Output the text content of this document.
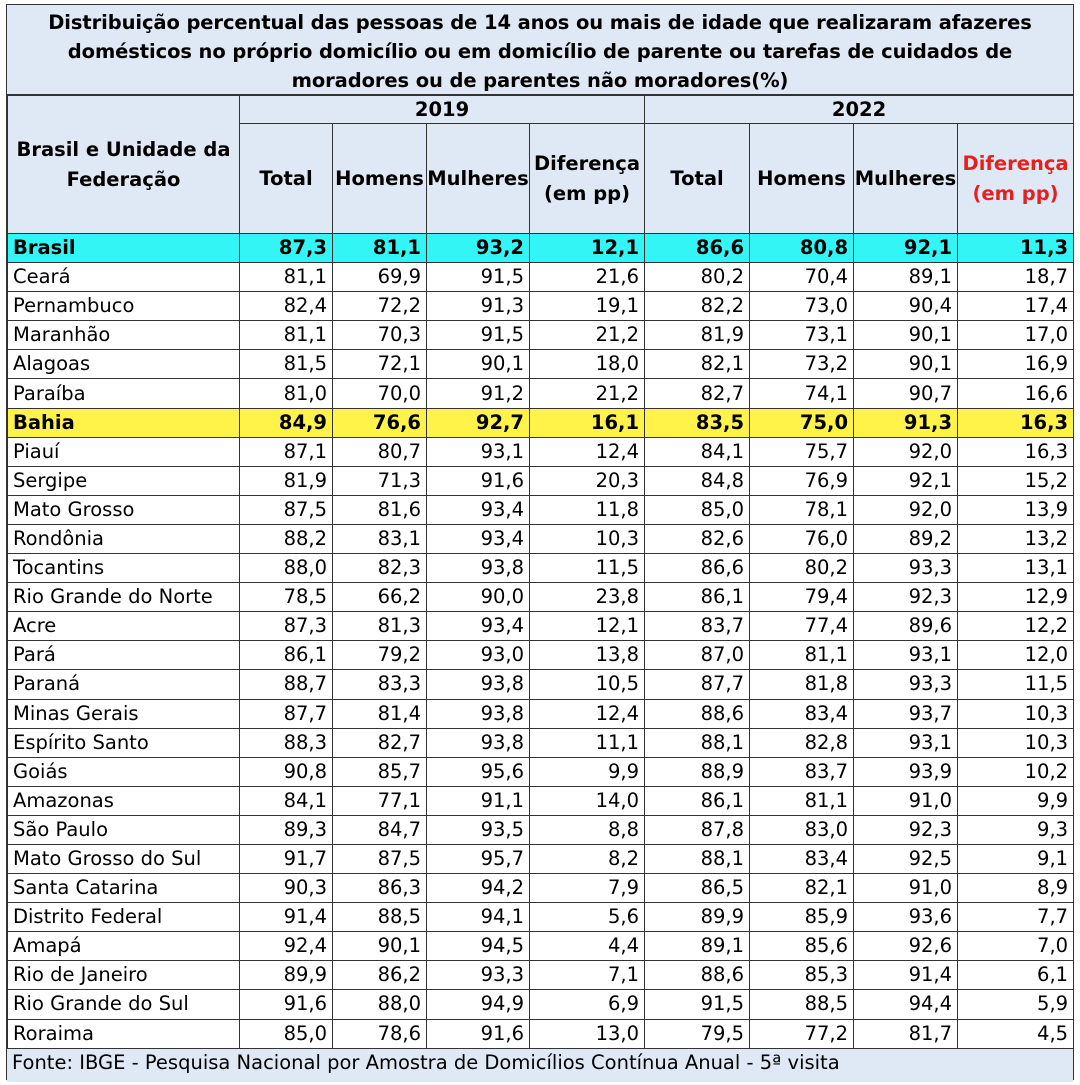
Distribuição percentual das pessoas de 14 anos ou mais de idade que realizaram afazeres domésticos no próprio domicílio ou em domicílio de parente ou tarefas de cuidados de moradores ou de parentes não moradores(%)
Brasil e Unidade da Federação	2019				2022			
	Total	Homens	Mulheres	Diferença (em pp)	Total	Homens	Mulheres	Diferença (em pp)
Brasil	87,3	81,1	93,2	12,1	86,6	80,8	92,1	11,3
Ceará	81,1	69,9	91,5	21,6	80,2	70,4	89,1	18,7
Pernambuco	82,4	72,2	91,3	19,1	82,2	73,0	90,4	17,4
Maranhão	81,1	70,3	91,5	21,2	81,9	73,1	90,1	17,0
Alagoas	81,5	72,1	90,1	18,0	82,1	73,2	90,1	16,9
Paraíba	81,0	70,0	91,2	21,2	82,7	74,1	90,7	16,6
Bahia	84,9	76,6	92,7	16,1	83,5	75,0	91,3	16,3
Piauí	87,1	80,7	93,1	12,4	84,1	75,7	92,0	16,3
Sergipe	81,9	71,3	91,6	20,3	84,8	76,9	92,1	15,2
Mato Grosso	87,5	81,6	93,4	11,8	85,0	78,1	92,0	13,9
Rondônia	88,2	83,1	93,4	10,3	82,6	76,0	89,2	13,2
Tocantins	88,0	82,3	93,8	11,5	86,6	80,2	93,3	13,1
Rio Grande do Norte	78,5	66,2	90,0	23,8	86,1	79,4	92,3	12,9
Acre	87,3	81,3	93,4	12,1	83,7	77,4	89,6	12,2
Pará	86,1	79,2	93,0	13,8	87,0	81,1	93,1	12,0
Paraná	88,7	83,3	93,8	10,5	87,7	81,8	93,3	11,5
Minas Gerais	87,7	81,4	93,8	12,4	88,6	83,4	93,7	10,3
Espírito Santo	88,3	82,7	93,8	11,1	88,1	82,8	93,1	10,3
Goiás	90,8	85,7	95,6	9,9	88,9	83,7	93,9	10,2
Amazonas	84,1	77,1	91,1	14,0	86,1	81,1	91,0	9,9
São Paulo	89,3	84,7	93,5	8,8	87,8	83,0	92,3	9,3
Mato Grosso do Sul	91,7	87,5	95,7	8,2	88,1	83,4	92,5	9,1
Santa Catarina	90,3	86,3	94,2	7,9	86,5	82,1	91,0	8,9
Distrito Federal	91,4	88,5	94,1	5,6	89,9	85,9	93,6	7,7
Amapá	92,4	90,1	94,5	4,4	89,1	85,6	92,6	7,0
Rio de Janeiro	89,9	86,2	93,3	7,1	88,6	85,3	91,4	6,1
Rio Grande do Sul	91,6	88,0	94,9	6,9	91,5	88,5	94,4	5,9
Roraima	85,0	78,6	91,6	13,0	79,5	77,2	81,7	4,5
Fonte: IBGE - Pesquisa Nacional por Amostra de Domicílios Contínua Anual - 5ª visita
